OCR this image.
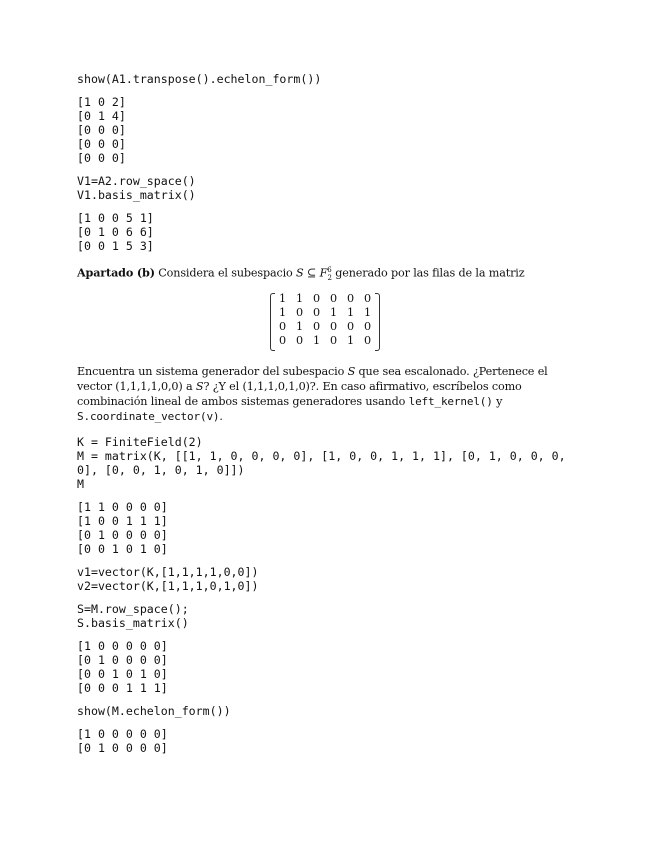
show(A1.transpose().echelon_form())
[1 0 2]
[0 1 4]
[0 0 0]
[0 0 0]
[0 0 0]
V1=A2.row_space()
V1.basis_matrix()
[1 0 0 5 1]
[0 1 0 6 6]
[0 0 1 5 3]

Apartado (b) Considera el subespacio S ⊆ $F^6_2$ generado por las filas de la matriz

1	1	0	0	0	0
1	0	0	1	1	1
0	1	0	0	0	0
0	0	1	0	1	0

Encuentra un sistema generador del subespacio S que sea escalonado. ¿Pertenece el vector (1,1,1,1,0,0) a S? ¿Y el (1,1,1,0,1,0)?. En caso afirmativo, escríbelos como combinación lineal de ambos sistemas generadores usando left_kernel() y
S.coordinate_vector(v).

K = FiniteField(2)
M = matrix(K, [[1, 1, 0, 0, 0, 0], [1, 0, 0, 1, 1, 1], [0, 1, 0, 0, 0,
0], [0, 0, 1, 0, 1, 0]])
M
[1 1 0 0 0 0]
[1 0 0 1 1 1]
[0 1 0 0 0 0]
[0 0 1 0 1 0]
v1=vector(K,[1,1,1,1,0,0])
v2=vector(K,[1,1,1,0,1,0])
S=M.row_space();
S.basis_matrix()
[1 0 0 0 0 0]
[0 1 0 0 0 0]
[0 0 1 0 1 0]
[0 0 0 1 1 1]
show(M.echelon_form())
[1 0 0 0 0 0]
[0 1 0 0 0 0]
